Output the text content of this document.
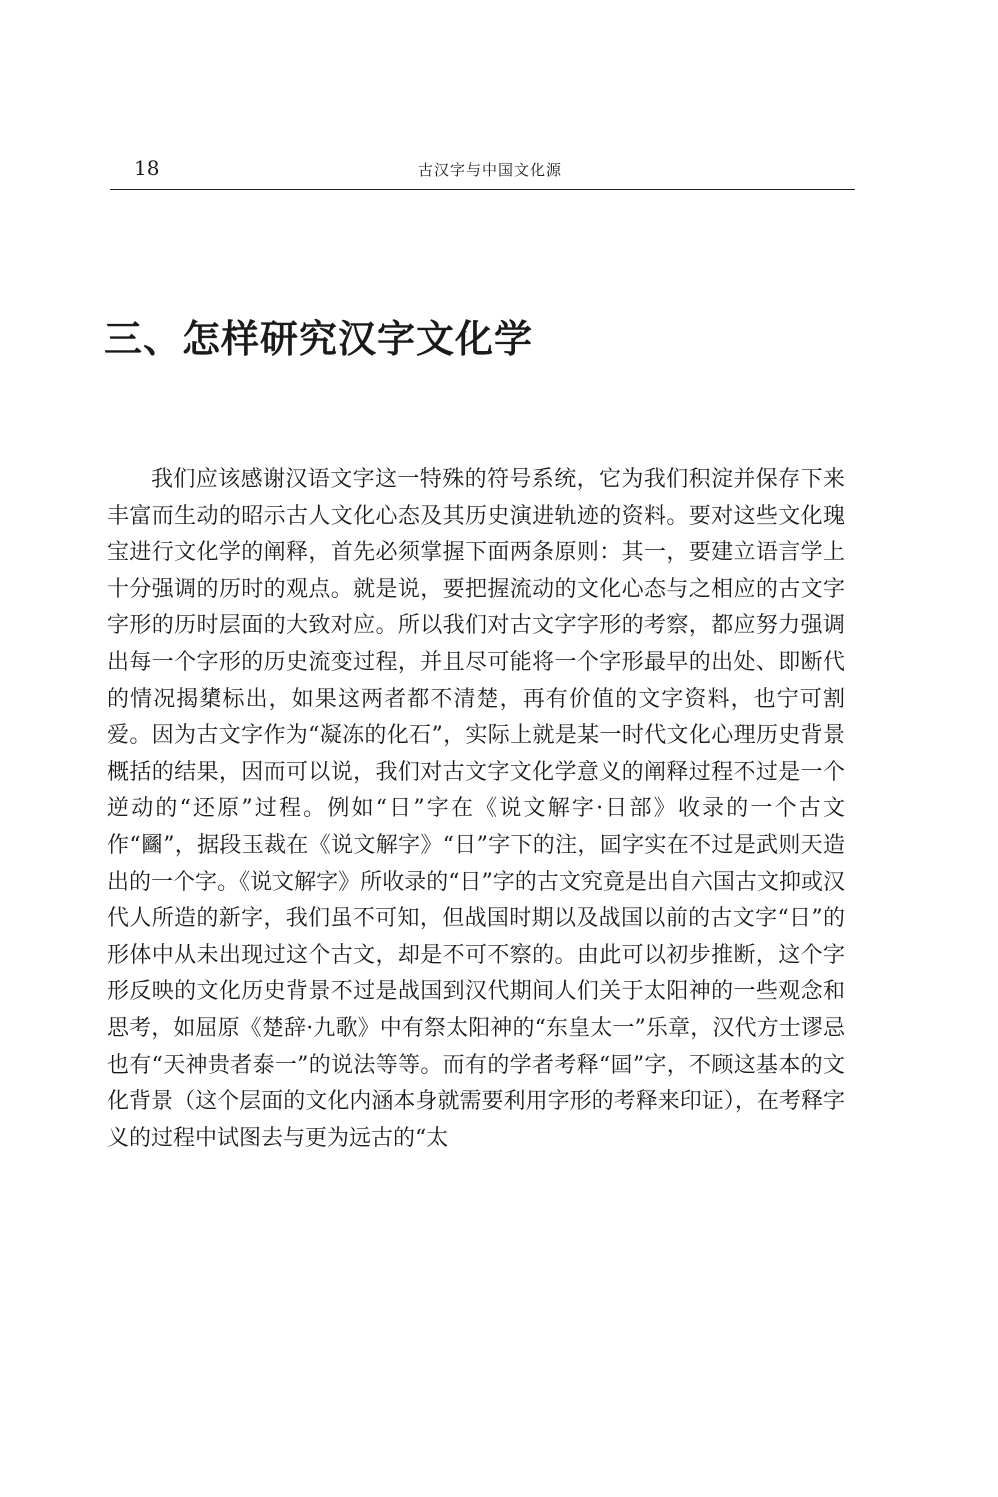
18	古汉字与中国文化源
三、怎样研究汉字文化学

我们应该感谢汉语文字这一特殊的符号系统，它为我们积淀并保存下来丰富而生动的昭示古人文化心态及其历史演进轨迹的资料。要对这些文化瑰宝进行文化学的阐释，首先必须掌握下面两条原则：其一，要建立语言学上十分强调的历时的观点。就是说，要把握流动的文化心态与之相应的古文字字形的历时层面的大致对应。所以我们对古文字字形的考察，都应努力强调出每一个字形的历史流变过程，并且尽可能将一个字形最早的出处、即断代的情况揭橥标出，如果这两者都不清楚，再有价值的文字资料，也宁可割爱。因为古文字作为“凝冻的化石”，实际上就是某一时代文化心理历史背景概括的结果，因而可以说，我们对古文字文化学意义的阐释过程不过是一个逆动的“还原”过程。例如“日”字在《说文解字·日部》收录的一个古文作“㘥”，据段玉裁在《说文解字》“日”字下的注，囸字实在不过是武则天造出的一个字。《说文解字》所收录的“日”字的古文究竟是出自六国古文抑或汉代人所造的新字，我们虽不可知，但战国时期以及战国以前的古文字“日”的形体中从未出现过这个古文，却是不可不察的。由此可以初步推断，这个字形反映的文化历史背景不过是战国到汉代期间人们关于太阳神的一些观念和思考，如屈原《楚辞·九歌》中有祭太阳神的“东皇太一”乐章，汉代方士谬忌也有“天神贵者泰一”的说法等等。而有的学者考释“囸”字，不顾这基本的文化背景（这个层面的文化内涵本身就需要利用字形的考释来印证），在考释字义的过程中试图去与更为远古的“太
